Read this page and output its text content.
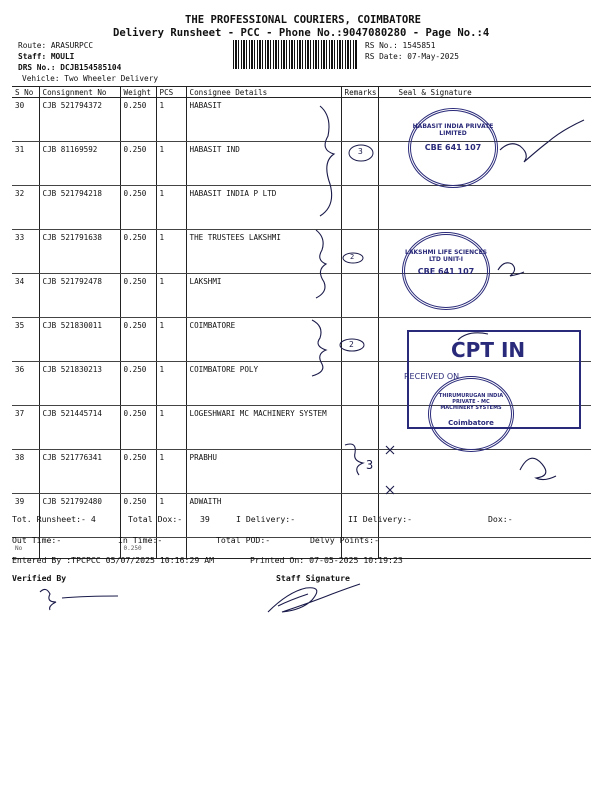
THE PROFESSIONAL COURIERS, COIMBATORE
Delivery Runsheet - PCC - Phone No.:9047080280 - Page No.:4
Route: ARASURPCC
Staff: MOULI
DRS No.: DCJB154585104
Vehicle: Two Wheeler Delivery
RS No.: 1545851
RS Date: 07-May-2025
S No	Consignment No	Weight	PCS	Consignee Details	Remarks	Seal & Signature
30	CJB 521794372	0.250	1	HABASIT		
31	CJB 81169592	0.250	1	HABASIT IND		
32	CJB 521794218	0.250	1	HABASIT INDIA P LTD		
33	CJB 521791638	0.250	1	THE TRUSTEES LAKSHMI		
34	CJB 521792478	0.250	1	LAKSHMI		
35	CJB 521830011	0.250	1	COIMBATORE		
36	CJB 521830213	0.250	1	COIMBATORE POLY		
37	CJB 521445714	0.250	1	LOGESHWARI MC MACHINERY SYSTEM		
38	CJB 521776341	0.250	1	PRABHU		
39	CJB 521792480	0.250	1	ADWAITH		
No		0.250				
3
2
2
3
HABASIT INDIA PRIVATE LIMITED
CBE 641 107
LAKSHMI LIFE SCIENCES LTD UNIT-I
CBE 641 107
CPT IN
RECEIVED ON
THIRUMURUGAN INDIA PRIVATE - MC MACHINERY SYSTEMS
Coimbatore
Tot. Runsheet:- 4	Total Dox:- 39	I Delivery:-	II Delivery:-	Dox:-
Out Time:-	In Time:-	Total POD:-	Delvy Points:-
Entered By :TPCPCC 05/07/2025 10:16:29 AM	Printed On: 07-05-2025 10:19:23
Verified By	Staff Signature
